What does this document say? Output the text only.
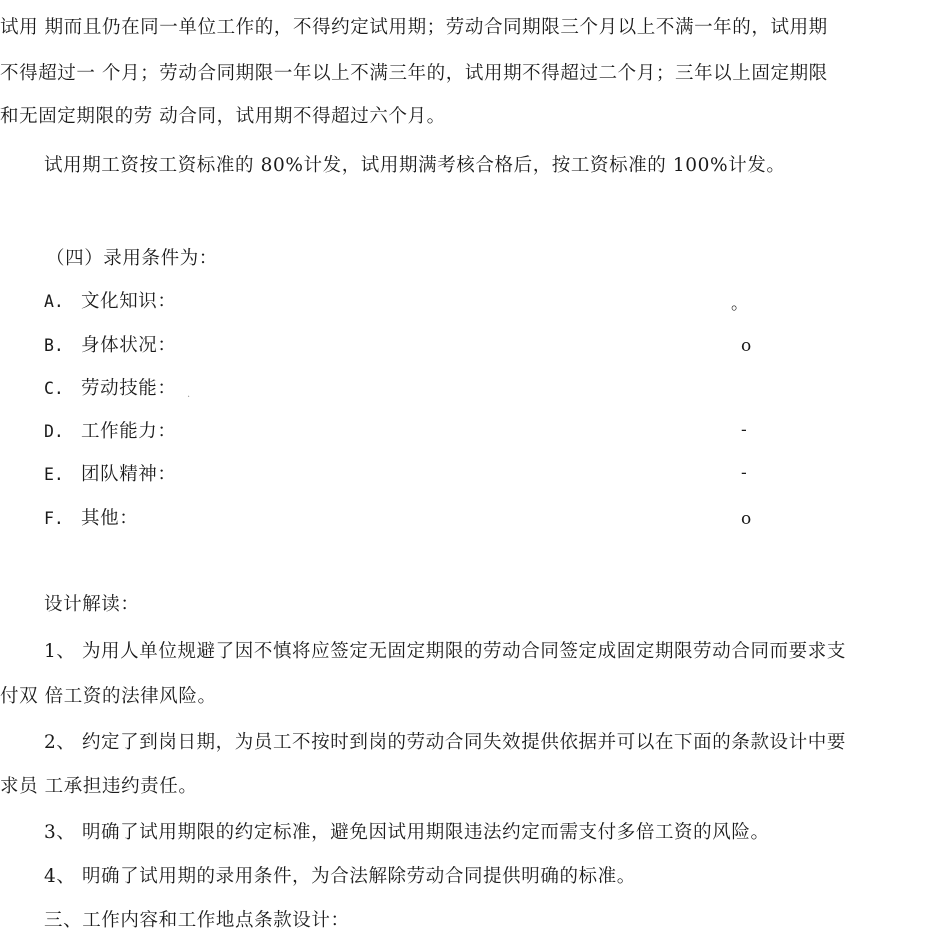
试用 期而且仍在同一单位工作的，不得约定试用期；劳动合同期限三个月以上不满一年的，试用期
不得超过一 个月；劳动合同期限一年以上不满三年的，试用期不得超过二个月；三年以上固定期限
和无固定期限的劳 动合同，试用期不得超过六个月。
试用期工资按工资标准的 80%计发，试用期满考核合格后，按工资标准的 100%计发。
（四）录用条件为：
A. 文化知识：	。
B. 身体状况：	o
C. 劳动技能： .
D. 工作能力：	-
E. 团队精神：	-
F. 其他：	o
设计解读：
1、 为用人单位规避了因不慎将应签定无固定期限的劳动合同签定成固定期限劳动合同而要求支
付双 倍工资的法律风险。
2、 约定了到岗日期，为员工不按时到岗的劳动合同失效提供依据并可以在下面的条款设计中要
求员 工承担违约责任。
3、 明确了试用期限的约定标准，避免因试用期限违法约定而需支付多倍工资的风险。
4、 明确了试用期的录用条件，为合法解除劳动合同提供明确的标准。
三、工作内容和工作地点条款设计：
